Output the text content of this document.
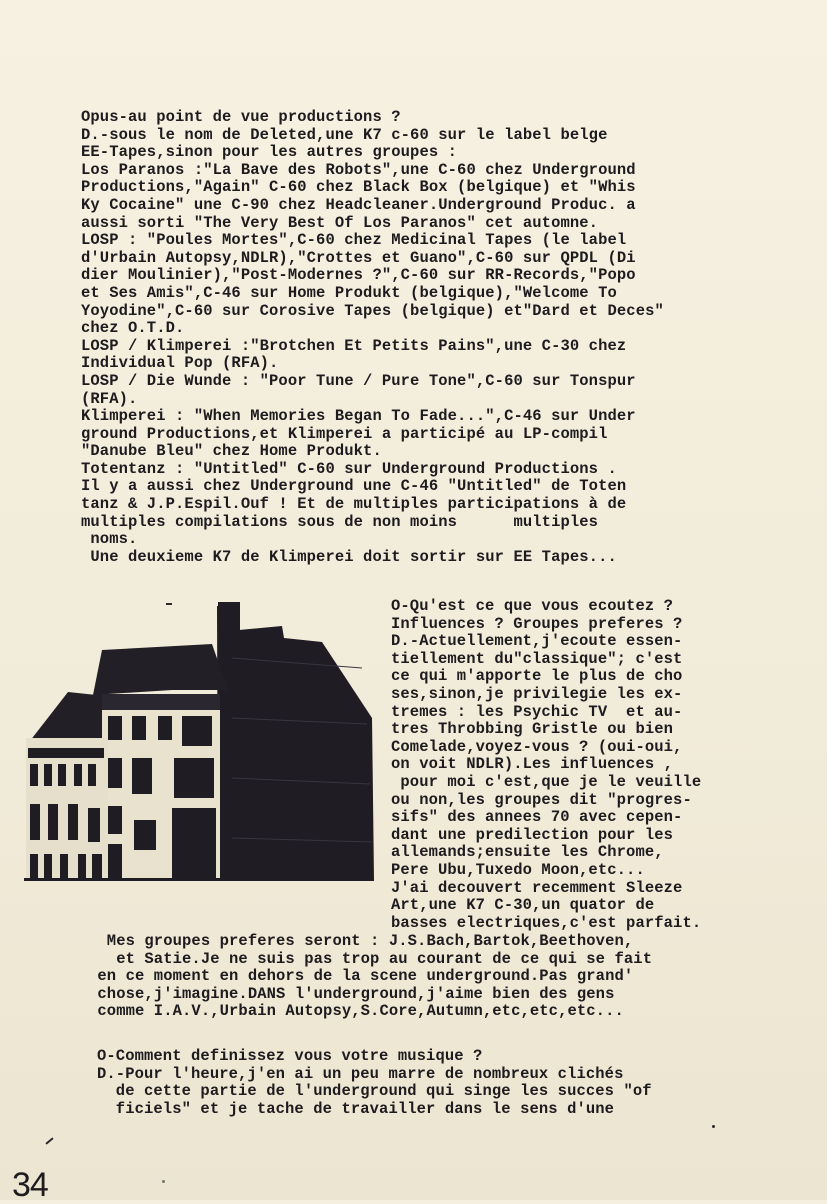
Opus-au point de vue productions ?
D.-sous le nom de Deleted,une K7 c-60 sur le label belge
EE-Tapes,sinon pour les autres groupes :
Los Paranos :"La Bave des Robots",une C-60 chez Underground
Productions,"Again" C-60 chez Black Box (belgique) et "Whis
Ky Cocaine" une C-90 chez Headcleaner.Underground Produc. a
aussi sorti "The Very Best Of Los Paranos" cet automne.
LOSP : "Poules Mortes",C-60 chez Medicinal Tapes (le label
d'Urbain Autopsy,NDLR),"Crottes et Guano",C-60 sur QPDL (Di
dier Moulinier),"Post-Modernes ?",C-60 sur RR-Records,"Popo
et Ses Amis",C-46 sur Home Produkt (belgique),"Welcome To
Yoyodine",C-60 sur Corosive Tapes (belgique) et"Dard et Deces"
chez O.T.D.
LOSP / Klimperei :"Brotchen Et Petits Pains",une C-30 chez
Individual Pop (RFA).
LOSP / Die Wunde : "Poor Tune / Pure Tone",C-60 sur Tonspur
(RFA).
Klimperei : "When Memories Began To Fade...",C-46 sur Under
ground Productions,et Klimperei a participé au LP-compil
"Danube Bleu" chez Home Produkt.
Totentanz : "Untitled" C-60 sur Underground Productions .
Il y a aussi chez Underground une C-46 "Untitled" de Toten
tanz & J.P.Espil.Ouf ! Et de multiples participations à de
multiples compilations sous de non moins      multiples
noms.
Une deuxieme K7 de Klimperei doit sortir sur EE Tapes...
O-Qu'est ce que vous ecoutez ?
Influences ? Groupes preferes ?
D.-Actuellement,j'ecoute essen-
tiellement du"classique"; c'est
ce qui m'apporte le plus de cho
ses,sinon,je privilegie les ex-
tremes : les Psychic TV  et au-
tres Throbbing Gristle ou bien
Comelade,voyez-vous ? (oui-oui,
on voit NDLR).Les influences ,
pour moi c'est,que je le veuille
ou non,les groupes dit "progres-
sifs" des annees 70 avec cepen-
dant une predilection pour les
allemands;ensuite les Chrome,
Pere Ubu,Tuxedo Moon,etc...
J'ai decouvert recemment Sleeze
Art,une K7 C-30,un quator de
basses electriques,c'est parfait.
Mes groupes preferes seront : J.S.Bach,Bartok,Beethoven,
et Satie.Je ne suis pas trop au courant de ce qui se fait
en ce moment en dehors de la scene underground.Pas grand'
chose,j'imagine.DANS l'underground,j'aime bien des gens
comme I.A.V.,Urbain Autopsy,S.Core,Autumn,etc,etc,etc...
O-Comment definissez vous votre musique ?
D.-Pour l'heure,j'en ai un peu marre de nombreux clichés
de cette partie de l'underground qui singe les succes "of
ficiels" et je tache de travailler dans le sens d'une
34
